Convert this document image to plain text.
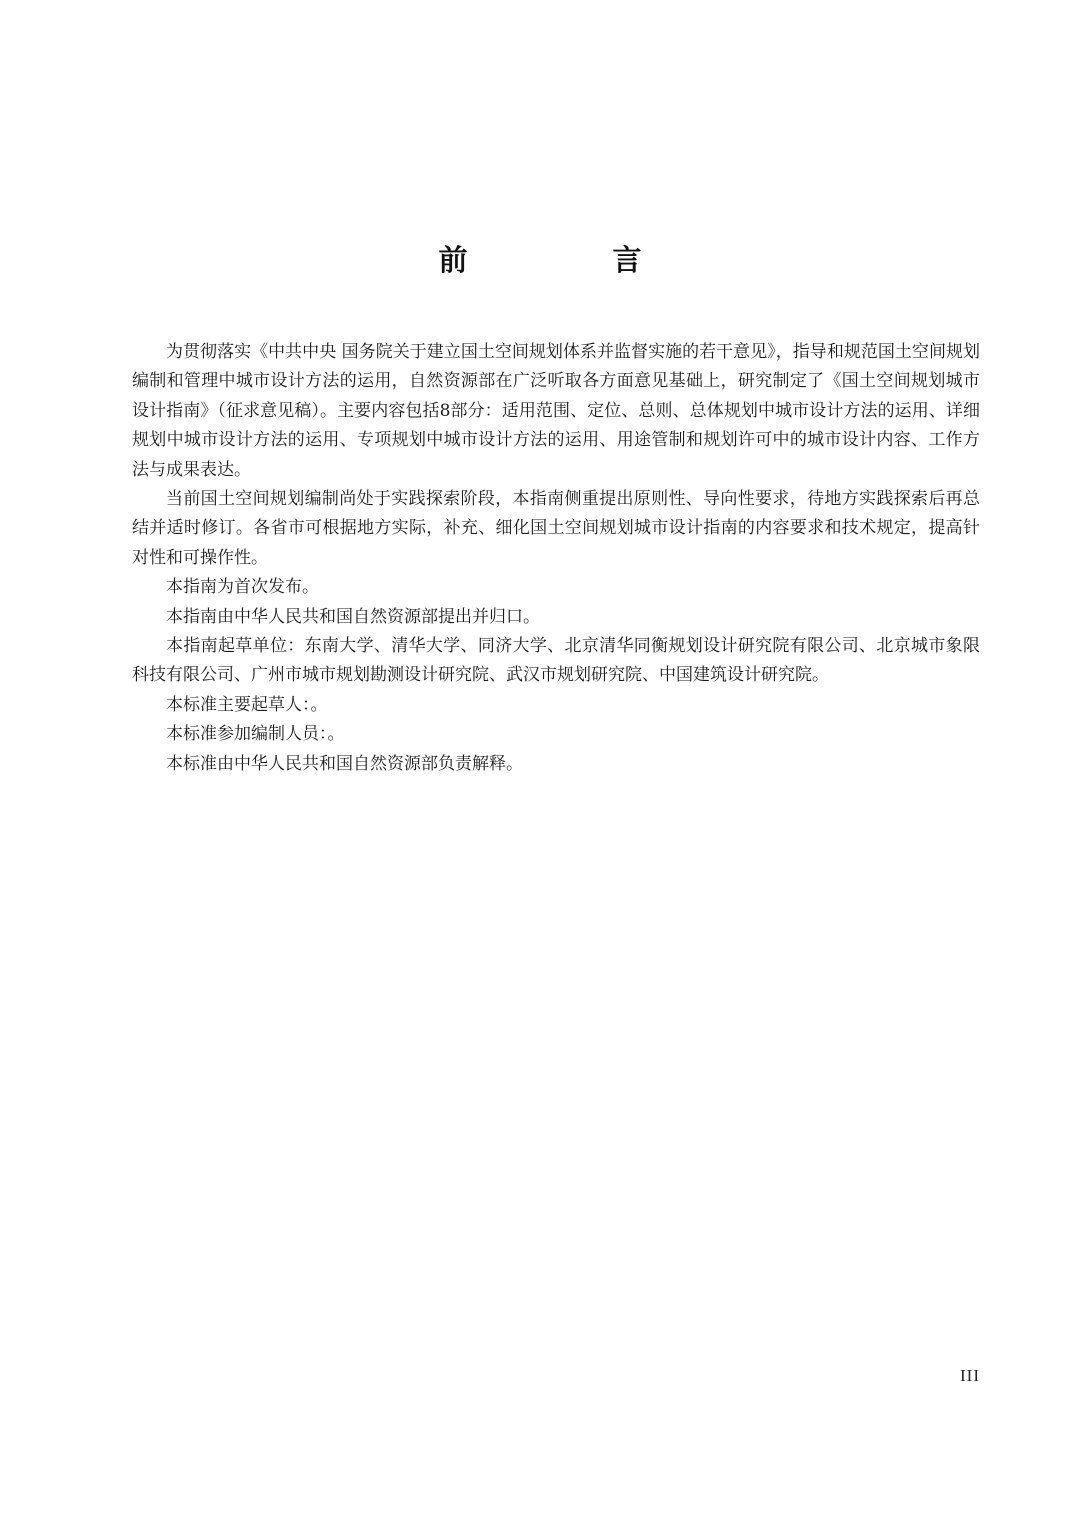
前　言

为贯彻落实《中共中央 国务院关于建立国土空间规划体系并监督实施的若干意见》，指导和规范国土空间规划编制和管理中城市设计方法的运用，自然资源部在广泛听取各方面意见基础上，研究制定了《国土空间规划城市设计指南》（征求意见稿）。主要内容包括8部分：适用范围、定位、总则、总体规划中城市设计方法的运用、详细规划中城市设计方法的运用、专项规划中城市设计方法的运用、用途管制和规划许可中的城市设计内容、工作方法与成果表达。

当前国土空间规划编制尚处于实践探索阶段，本指南侧重提出原则性、导向性要求，待地方实践探索后再总结并适时修订。各省市可根据地方实际，补充、细化国土空间规划城市设计指南的内容要求和技术规定，提高针对性和可操作性。

本指南为首次发布。

本指南由中华人民共和国自然资源部提出并归口。

本指南起草单位：东南大学、清华大学、同济大学、北京清华同衡规划设计研究院有限公司、北京城市象限科技有限公司、广州市城市规划勘测设计研究院、武汉市规划研究院、中国建筑设计研究院。

本标准主要起草人：。

本标准参加编制人员：。

本标准由中华人民共和国自然资源部负责解释。

III
